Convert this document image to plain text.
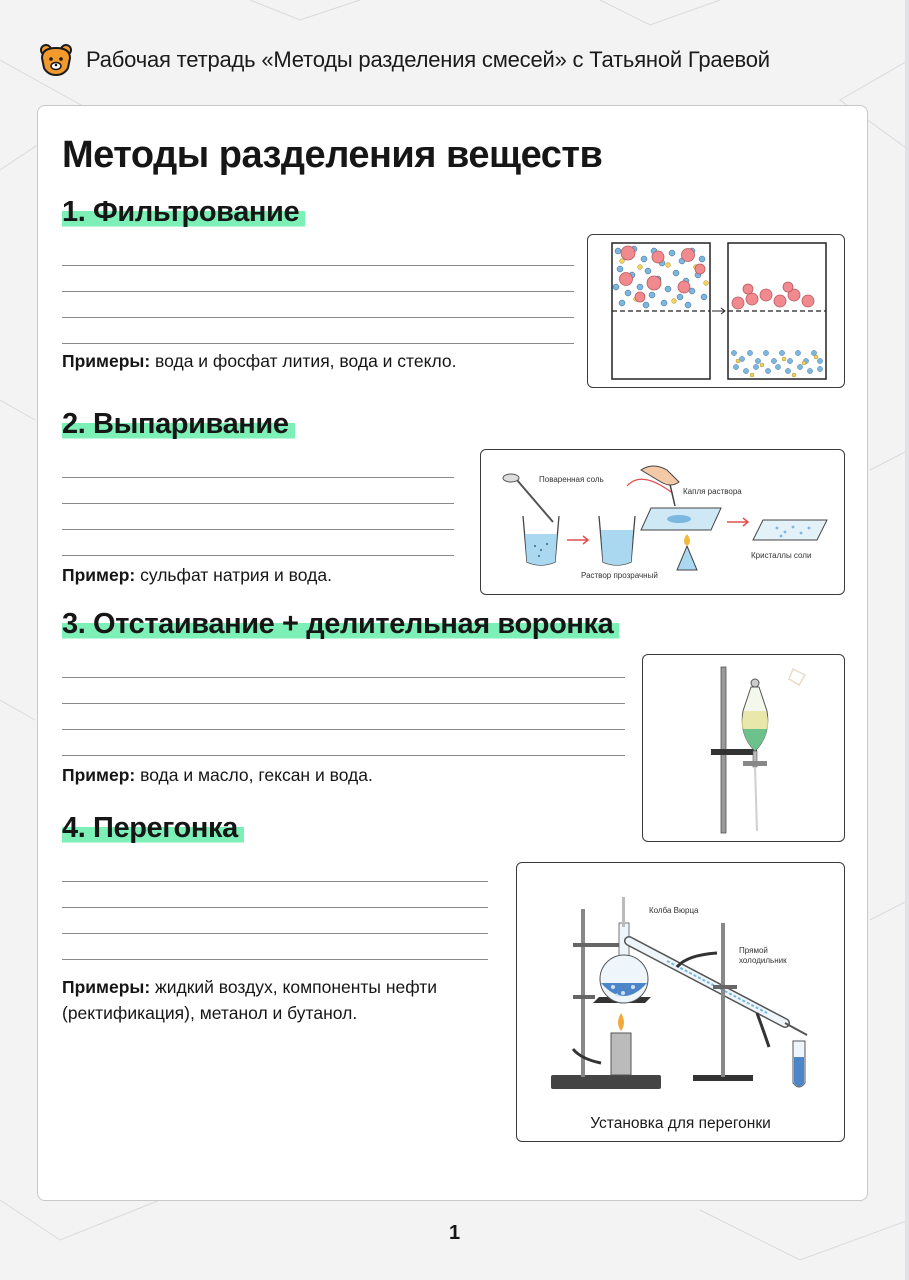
Рабочая тетрадь «Методы разделения смесей» с Татьяной Граевой
Методы разделения веществ
1. Фильтрование
Примеры: вода и фосфат лития, вода и стекло.
2. Выпаривание
Пример: сульфат натрия и вода.
Поваренная соль
Раствор прозрачный
Капля раствора
Кристаллы соли
3. Отстаивание + делительная воронка
Пример: вода и масло, гексан и вода.
4. Перегонка
Примеры: жидкий воздух, компоненты нефти (ректификация), метанол и бутанол.
Колба Вюрца
Прямой
холодильник
Установка для перегонки
1
